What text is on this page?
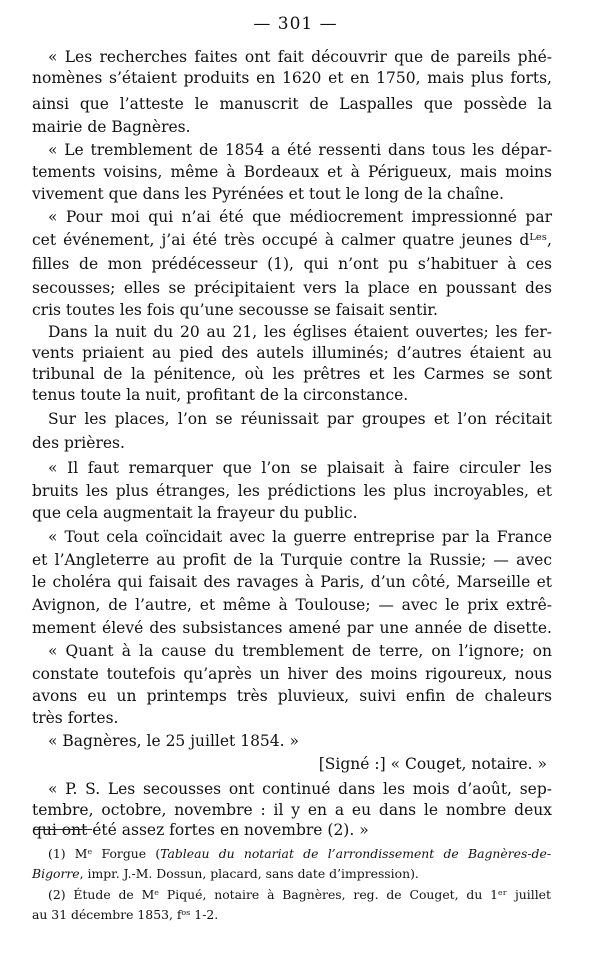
— 301 —
« Les recherches faites ont fait découvrir que de pareils phé-
nomènes s’étaient produits en 1620 et en 1750, mais plus forts,
ainsi que l’atteste le manuscrit de Laspalles que possède la
mairie de Bagnères.
« Le tremblement de 1854 a été ressenti dans tous les dépar-
tements voisins, même à Bordeaux et à Périgueux, mais moins
vivement que dans les Pyrénées et tout le long de la chaîne.
« Pour moi qui n’ai été que médiocrement impressionné par
cet événement, j’ai été très occupé à calmer quatre jeunes dᴸᵉˢ,
filles de mon prédécesseur (1), qui n’ont pu s’habituer à ces
secousses; elles se précipitaient vers la place en poussant des
cris toutes les fois qu’une secousse se faisait sentir.
Dans la nuit du 20 au 21, les églises étaient ouvertes; les fer-
vents priaient au pied des autels illuminés; d’autres étaient au
tribunal de la pénitence, où les prêtres et les Carmes se sont
tenus toute la nuit, profitant de la circonstance.
Sur les places, l’on se réunissait par groupes et l’on récitait
des prières.
« Il faut remarquer que l’on se plaisait à faire circuler les
bruits les plus étranges, les prédictions les plus incroyables, et
que cela augmentait la frayeur du public.
« Tout cela coïncidait avec la guerre entreprise par la France
et l’Angleterre au profit de la Turquie contre la Russie; — avec
le choléra qui faisait des ravages à Paris, d’un côté, Marseille et
Avignon, de l’autre, et même à Toulouse; — avec le prix extrê-
mement élevé des subsistances amené par une année de disette.
« Quant à la cause du tremblement de terre, on l’ignore; on
constate toutefois qu’après un hiver des moins rigoureux, nous
avons eu un printemps très pluvieux, suivi enfin de chaleurs
très fortes.
« Bagnères, le 25 juillet 1854. »
[Signé :] « Couget, notaire. »
« P. S. Les secousses ont continué dans les mois d’août, sep-
tembre, octobre, novembre : il y en a eu dans le nombre deux
qui ont été assez fortes en novembre (2). »
(1) Mᵉ Forgue (Tableau du notariat de l’arrondissement de Bagnères-de-
Bigorre, impr. J.-M. Dossun, placard, sans date d’impression).
(2) Étude de Mᵉ Piqué, notaire à Bagnères, reg. de Couget, du 1ᵉʳ juillet
au 31 décembre 1853, fᵒˢ 1-2.
